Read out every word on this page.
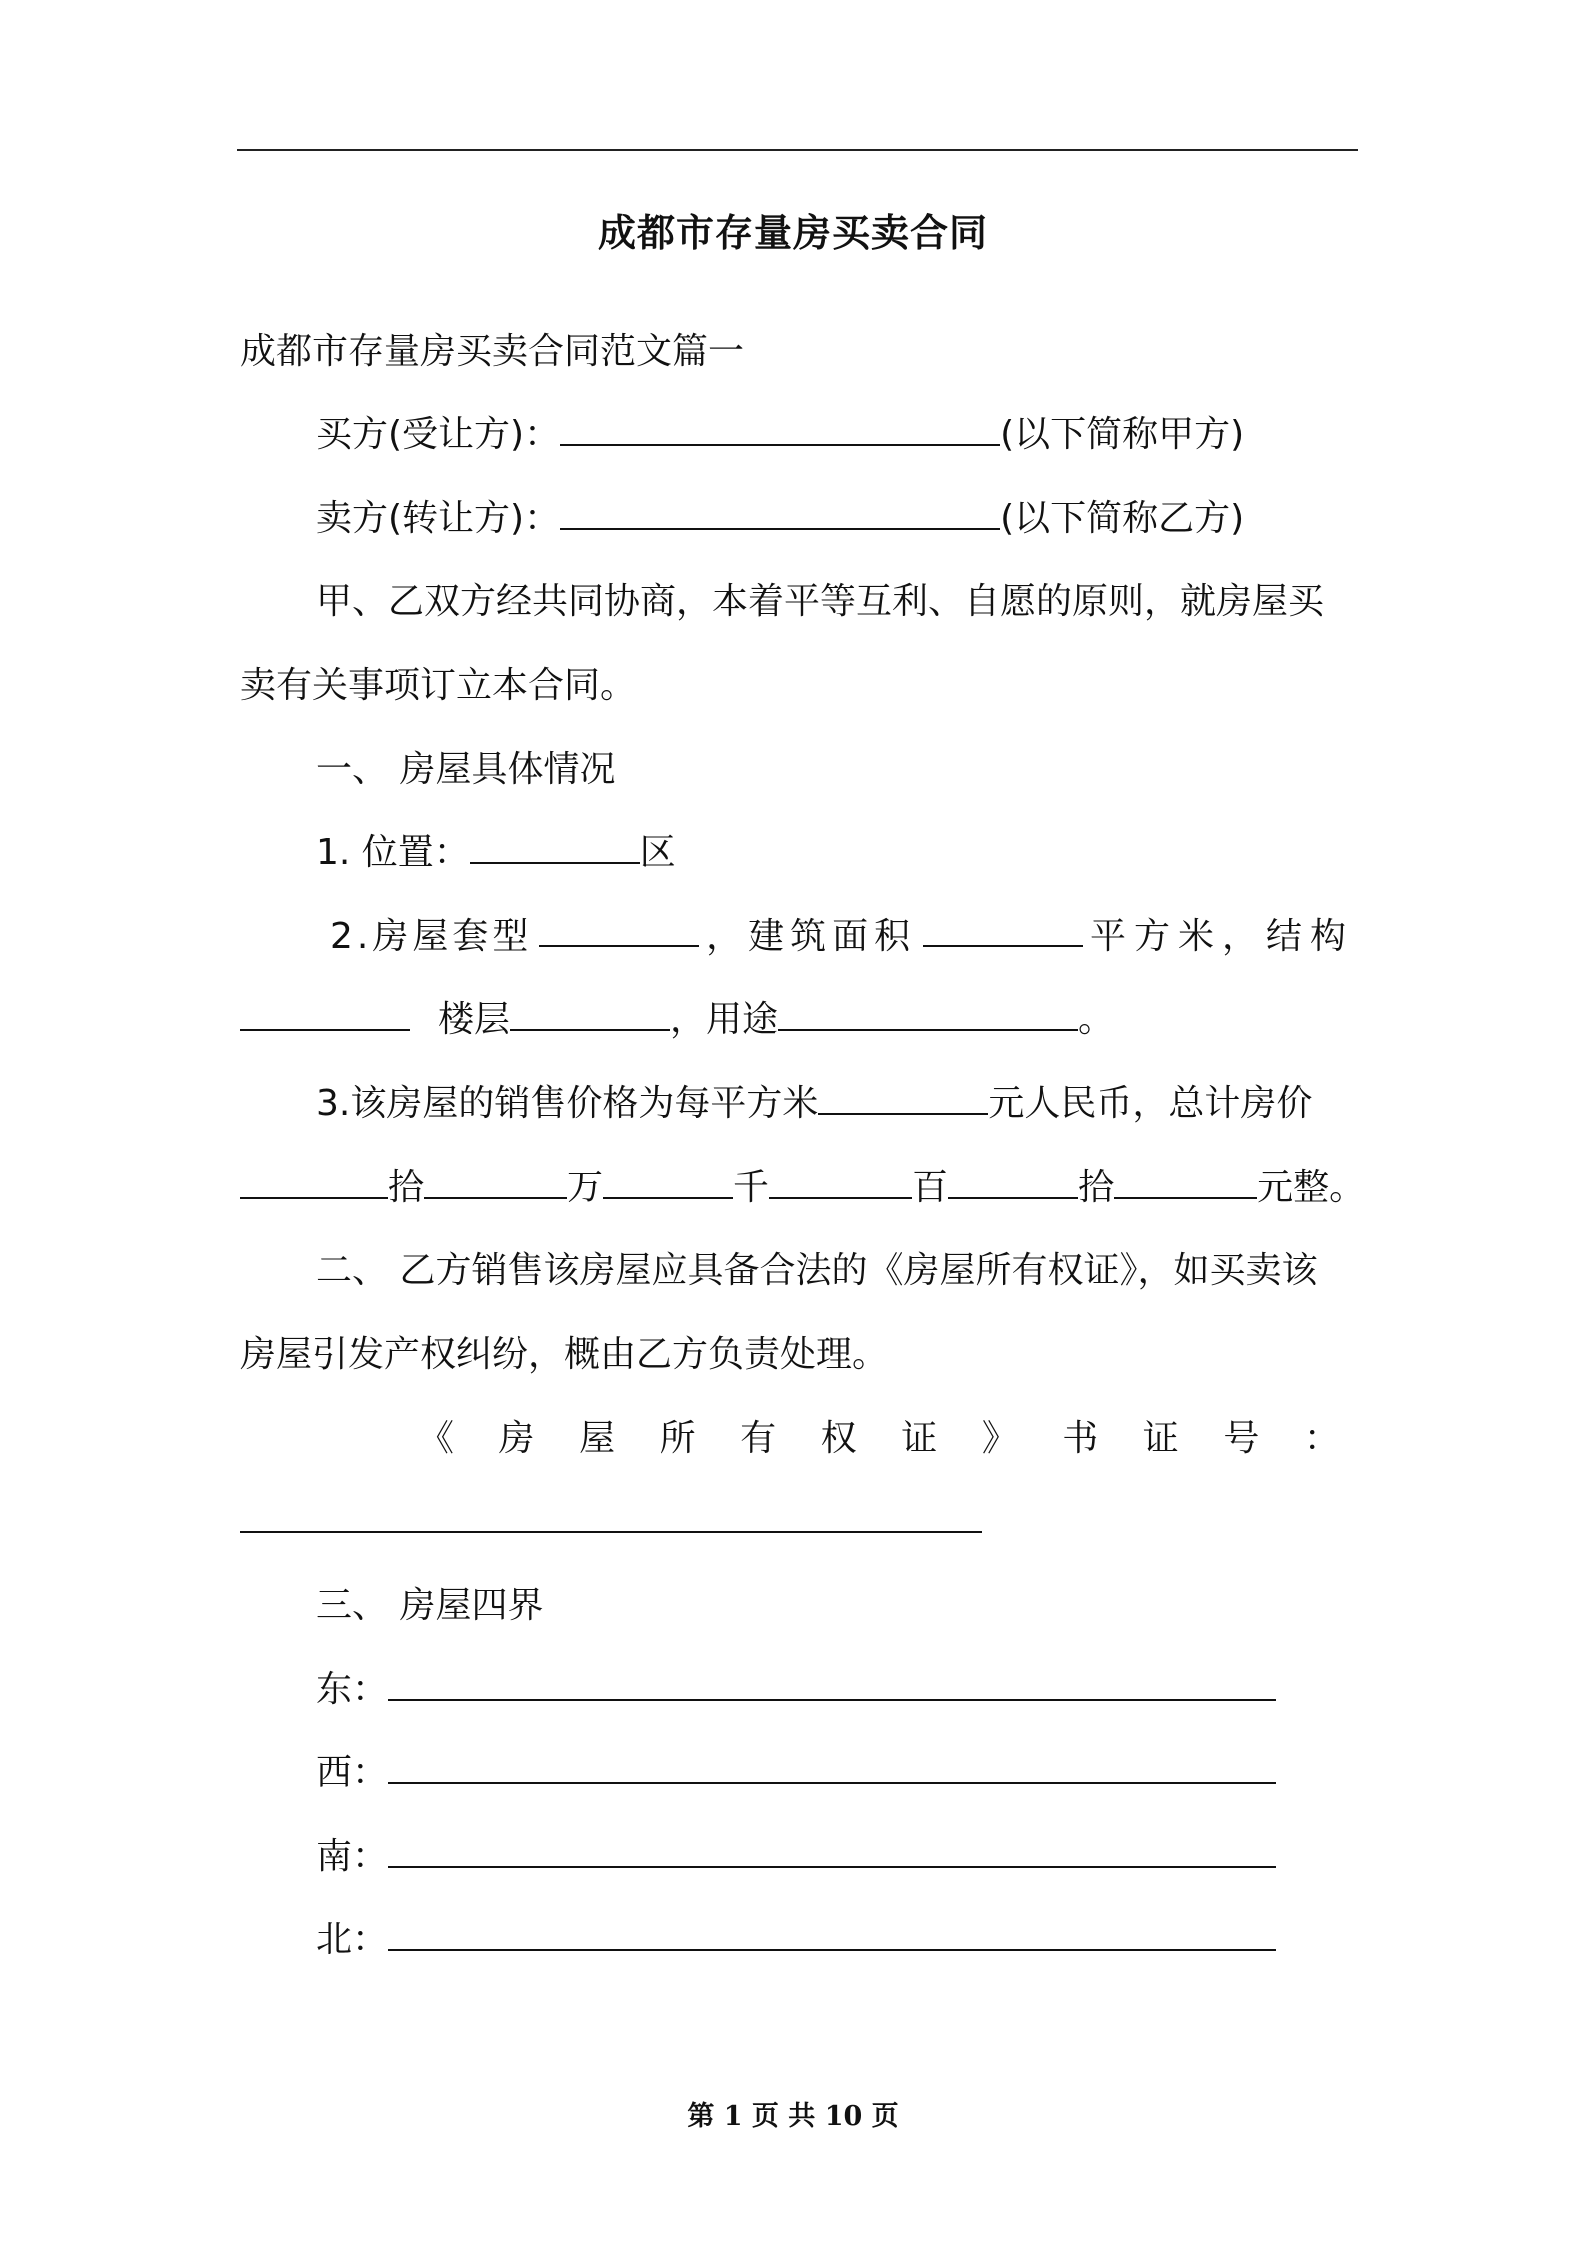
成都市存量房买卖合同
成都市存量房买卖合同范文篇一
买方(受让方)：	(以下简称甲方)
卖方(转让方)：	(以下简称乙方)
甲、乙双方经共同协商，本着平等互利、自愿的原则，就房屋买
卖有关事项订立本合同。
一、 房屋具体情况
1. 位置：	区
2.房屋套型	，建筑面积	平方米，结构
楼层	，用途	。
3.该房屋的销售价格为每平方米	元人民币，总计房价
拾	万	千	百	拾	元整。
二、 乙方销售该房屋应具备合法的《房屋所有权证》，如买卖该
房屋引发产权纠纷，概由乙方负责处理。
《 房 屋 所 有 权 证 》 书 证 号 ：
三、 房屋四界
东：
西：
南：
北：
第 1 页 共 10 页
